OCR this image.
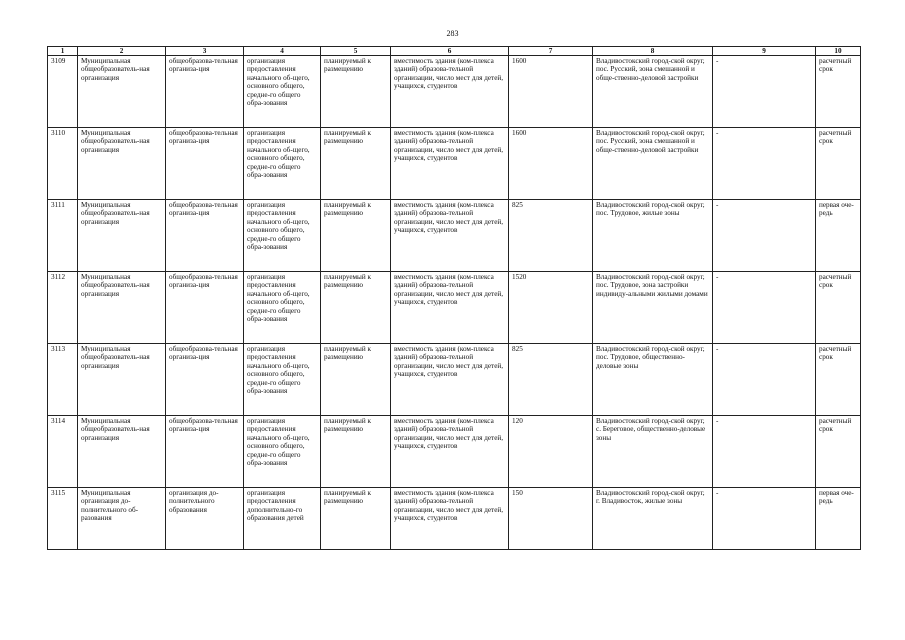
283
1	2	3	4	5	6	7	8	9	10
3109	Муниципальная общеобразователь-ная организация	общеобразова-тельная организа-ция	организация предоставления начального об-щего, основного общего, средне-го общего обра-зования	планируемый к размещению	вместимость здания (ком-плекса зданий) образова-тельной организации, число мест для детей, учащихся, студентов	1600	Владивостокский город-ской округ, пос. Русский, зона смешанной и обще-ственно-деловой застройки	-	расчетный срок
3110	Муниципальная общеобразователь-ная организация	общеобразова-тельная организа-ция	организация предоставления начального об-щего, основного общего, средне-го общего обра-зования	планируемый к размещению	вместимость здания (ком-плекса зданий) образова-тельной организации, число мест для детей, учащихся, студентов	1600	Владивостокский город-ской округ, пос. Русский, зона смешанной и обще-ственно-деловой застройки	-	расчетный срок
3111	Муниципальная общеобразователь-ная организация	общеобразова-тельная организа-ция	организация предоставления начального об-щего, основного общего, средне-го общего обра-зования	планируемый к размещению	вместимость здания (ком-плекса зданий) образова-тельной организации, число мест для детей, учащихся, студентов	825	Владивостокский город-ской округ, пос. Трудовое, жилые зоны	-	первая оче-редь
3112	Муниципальная общеобразователь-ная организация	общеобразова-тельная организа-ция	организация предоставления начального об-щего, основного общего, средне-го общего обра-зования	планируемый к размещению	вместимость здания (ком-плекса зданий) образова-тельной организации, число мест для детей, учащихся, студентов	1520	Владивостокский город-ской округ, пос. Трудовое, зона застройки индивиду-альными жилыми домами	-	расчетный срок
3113	Муниципальная общеобразователь-ная организация	общеобразова-тельная организа-ция	организация предоставления начального об-щего, основного общего, средне-го общего обра-зования	планируемый к размещению	вместимость здания (ком-плекса зданий) образова-тельной организации, число мест для детей, учащихся, студентов	825	Владивостокский город-ской округ, пос. Трудовое, общественно-деловые зоны	-	расчетный срок
3114	Муниципальная общеобразователь-ная организация	общеобразова-тельная организа-ция	организация предоставления начального об-щего, основного общего, средне-го общего обра-зования	планируемый к размещению	вместимость здания (ком-плекса зданий) образова-тельной организации, число мест для детей, учащихся, студентов	120	Владивостокский город-ской округ, с. Береговое, общественно-деловые зоны	-	расчетный срок
3115	Муниципальная организация до-полнительного об-разования	организация до-полнительного образования	организация предоставления дополнительно-го образования детей	планируемый к размещению	вместимость здания (ком-плекса зданий) образова-тельной организации, число мест для детей, учащихся, студентов	150	Владивостокский город-ской округ, г. Владивосток, жилые зоны	-	первая оче-редь
